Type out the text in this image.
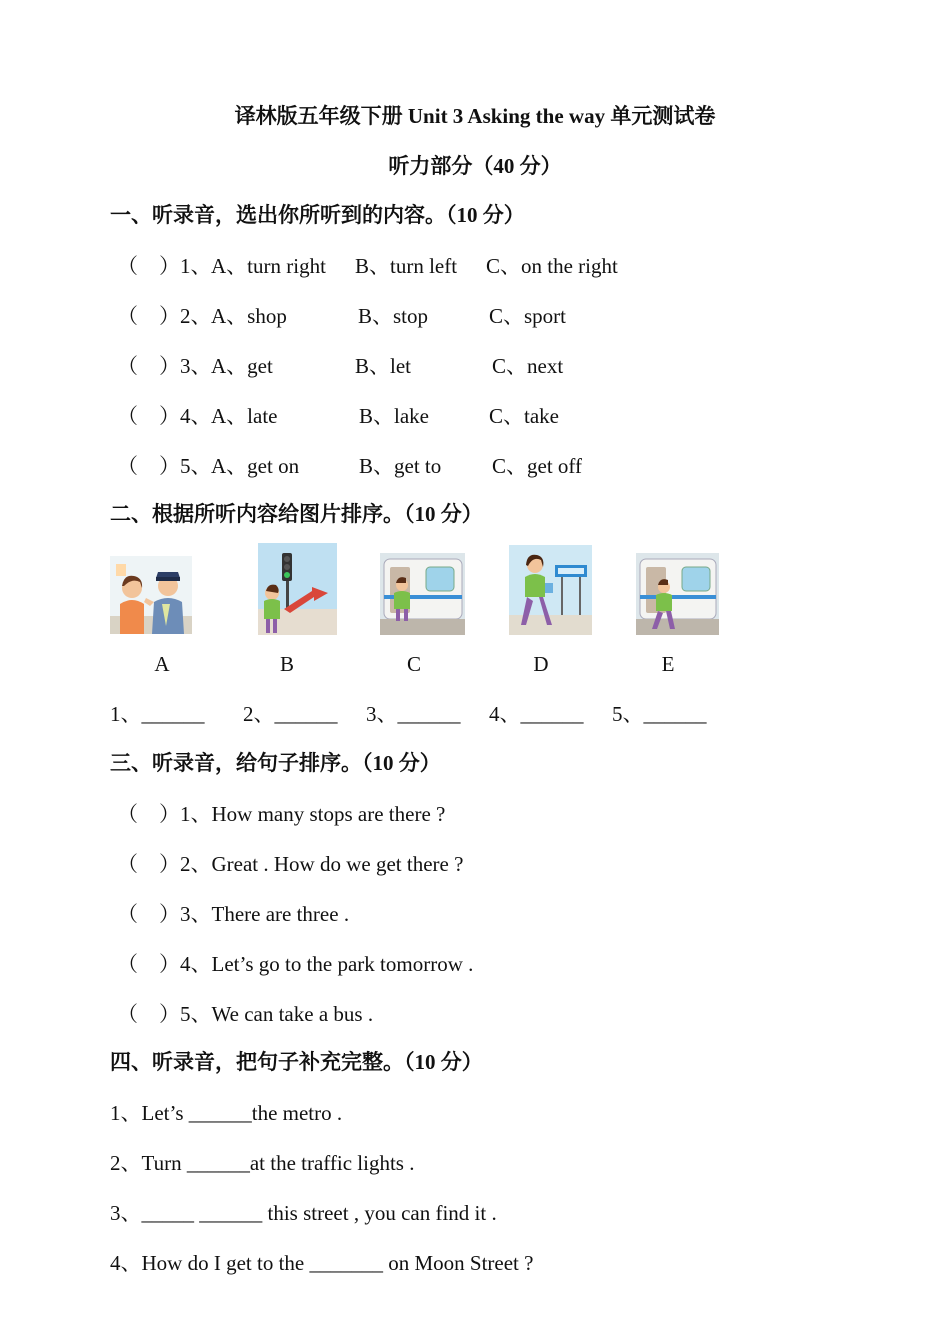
译林版五年级下册 Unit 3 Asking the way 单元测试卷
听力部分（40 分）
一、听录音，选出你所听到的内容。（10 分）
（    ）1、 A、turn right B、turn left C、on the right
（    ）2、 A、shop	B、stop	C、sport
（    ）3、 A、get	B、let	C、next
（    ）4、 A、late	B、lake	C、take
（    ）5、 A、get on	B、get to C、get off
二、根据所听内容给图片排序。（10 分）
A	B	C	D	E
1、______ 2、______ 3、______ 4、______ 5、______
三、听录音，给句子排序。（10 分）
（    ）1、How many stops are there ?
（    ）2、Great . How do we get there ?
（    ）3、There are three .
（    ）4、Let’s go to the park tomorrow .
（    ）5、We can take a bus .
四、听录音，把句子补充完整。（10 分）
1、Let’s ______the metro .
2、Turn ______at the traffic lights .
3、_____ ______ this street , you can find it .
4、How do I get to the _______ on Moon Street ?
